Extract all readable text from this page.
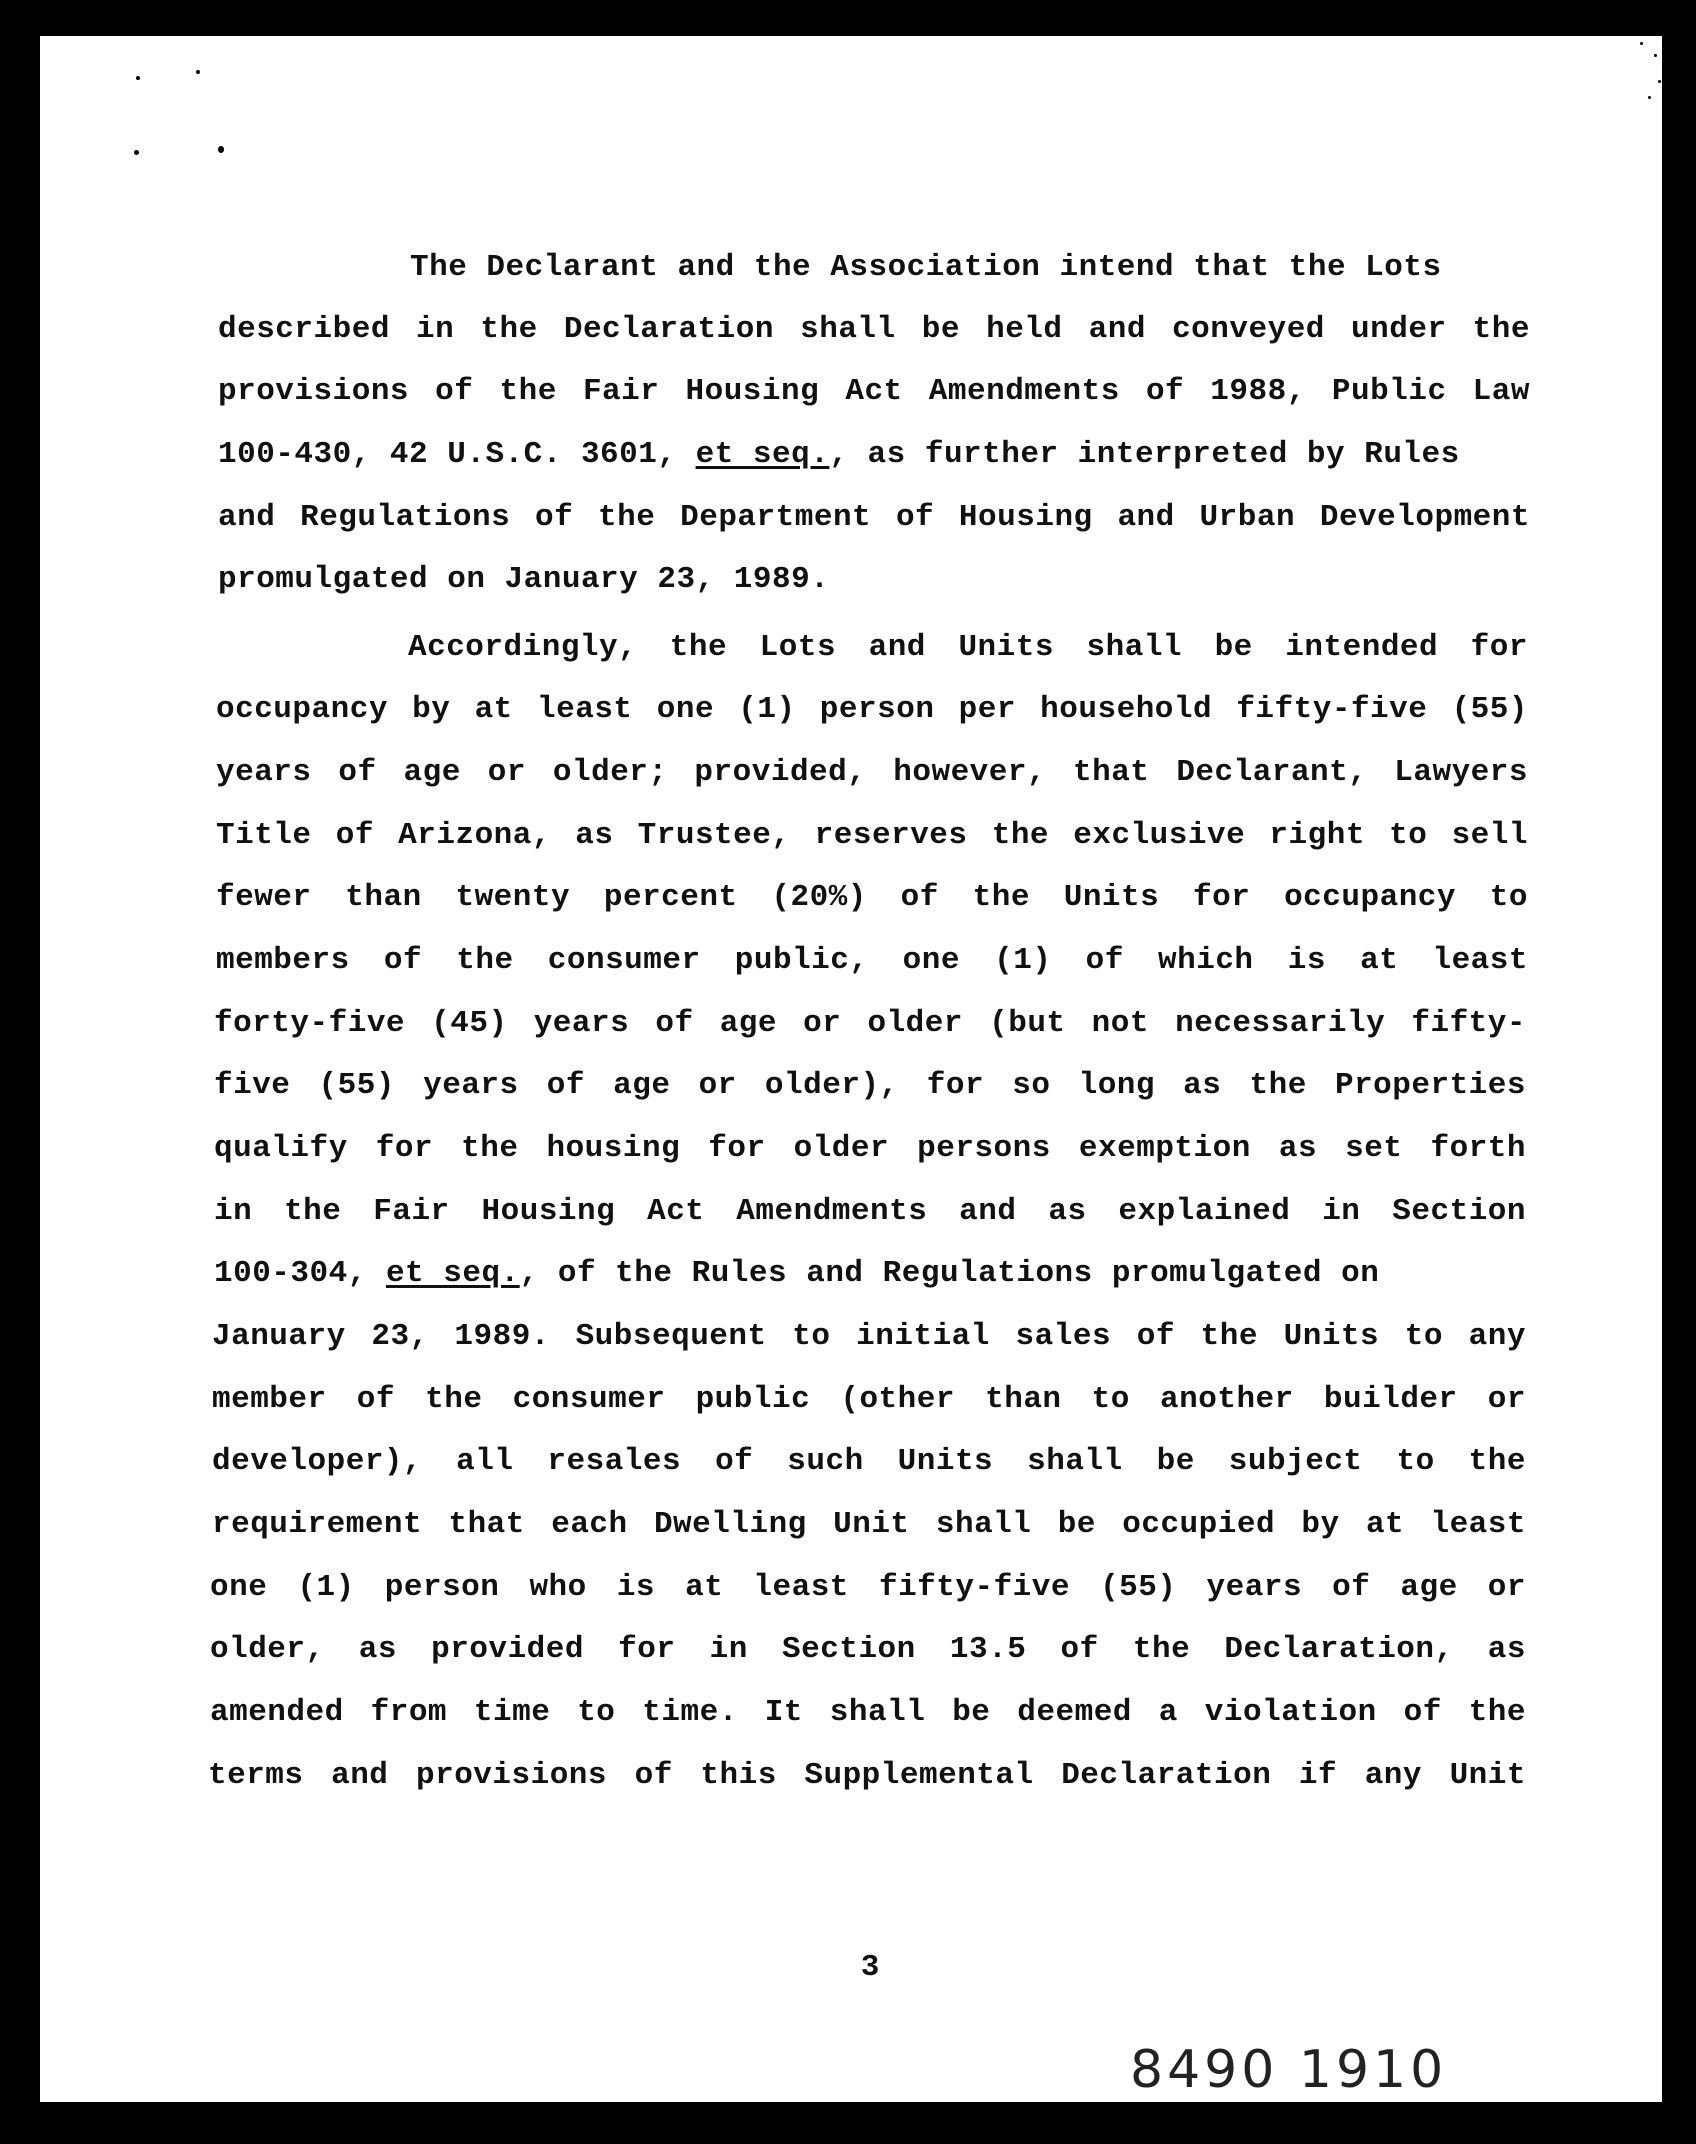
The Declarant and the Association intend that the Lots

described in the Declaration shall be held and conveyed under the

provisions of the Fair Housing Act Amendments of 1988, Public Law

100-430, 42 U.S.C. 3601, et seq., as further interpreted by Rules

and Regulations of the Department of Housing and Urban Development

promulgated on January 23, 1989.

Accordingly, the Lots and Units shall be intended for

occupancy by at least one (1) person per household fifty-five (55)

years of age or older; provided, however, that Declarant, Lawyers

Title of Arizona, as Trustee, reserves the exclusive right to sell

fewer than twenty percent (20%) of the Units for occupancy to

members of the consumer public, one (1) of which is at least

forty-five (45) years of age or older (but not necessarily fifty-

five (55) years of age or older), for so long as the Properties

qualify for the housing for older persons exemption as set forth

in the Fair Housing Act Amendments and as explained in Section

100-304, et seq., of the Rules and Regulations promulgated on

January 23, 1989. Subsequent to initial sales of the Units to any

member of the consumer public (other than to another builder or

developer), all resales of such Units shall be subject to the

requirement that each Dwelling Unit shall be occupied by at least

one (1) person who is at least fifty-five (55) years of age or

older, as provided for in Section 13.5 of the Declaration, as

amended from time to time. It shall be deemed a violation of the

terms and provisions of this Supplemental Declaration if any Unit

3

8490 1910
